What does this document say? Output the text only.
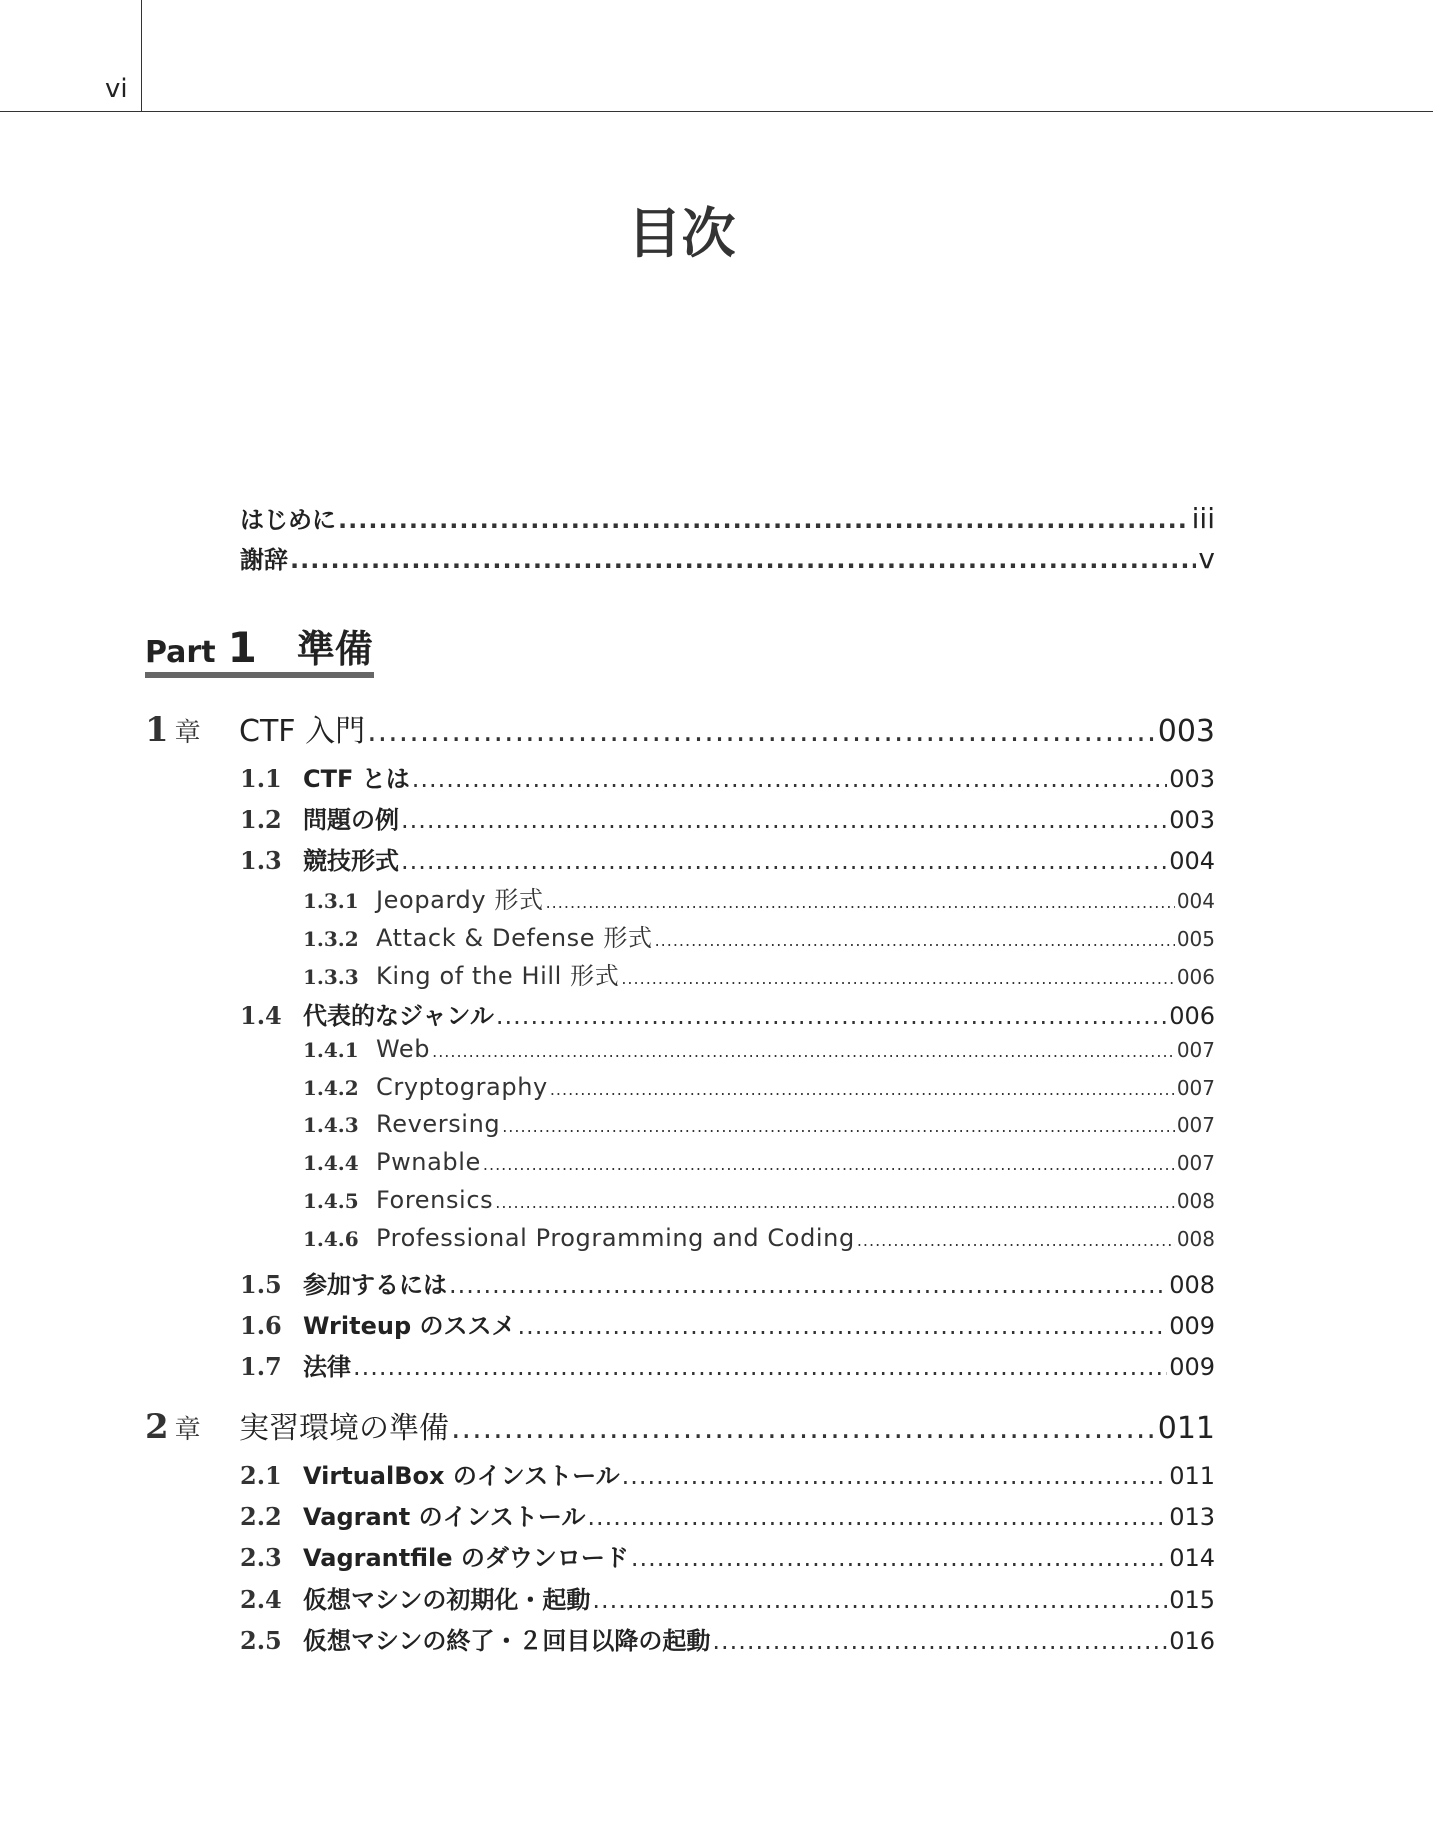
vi
目次
はじめに .....	iii
謝辞 .....	v
Part 1 準備
1 章	CTF 入門 .....	003
1.1 CTF とは .....	003
1.2 問題の例 .....	003
1.3 競技形式 .....	004
1.3.1 Jeopardy 形式 .....	004
1.3.2 Attack & Defense 形式 .....	005
1.3.3 King of the Hill 形式 .....	006
1.4 代表的なジャンル .....	006
1.4.1 Web .....	007
1.4.2 Cryptography .....	007
1.4.3 Reversing .....	007
1.4.4 Pwnable .....	007
1.4.5 Forensics .....	008
1.4.6 Professional Programming and Coding .....	008
1.5 参加するには .....	008
1.6 Writeup のススメ .....	009
1.7 法律 .....	009
2 章	実習環境の準備 .....	011
2.1 VirtualBox のインストール .....	011
2.2 Vagrant のインストール .....	013
2.3 Vagrantfile のダウンロード .....	014
2.4 仮想マシンの初期化・起動 .....	015
2.5 仮想マシンの終了・２回目以降の起動 .....	016
